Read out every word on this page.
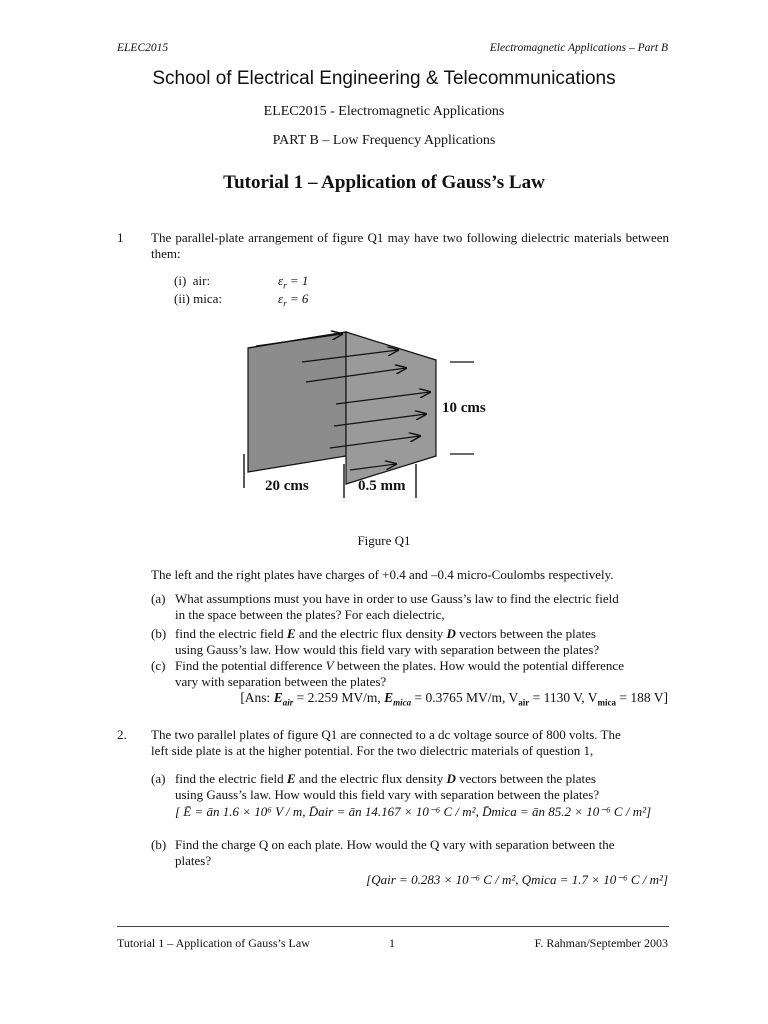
ELEC2015	Electromagnetic Applications – Part B
School of Electrical Engineering & Telecommunications
ELEC2015 - Electromagnetic Applications
PART B – Low Frequency Applications
Tutorial 1 – Application of Gauss’s Law
1 The parallel-plate arrangement of figure Q1 may have two following dielectric materials between them:
(i) air:	$\varepsilon_r = 1$
(ii) mica:	$\varepsilon_r = 6$
10 cms
20 cms	0.5 mm
Figure Q1
The left and the right plates have charges of +0.4 and –0.4 micro-Coulombs respectively.
(a) What assumptions must you have in order to use Gauss’s law to find the electric field
in the space between the plates? For each dielectric,
(b) find the electric field E and the electric flux density D vectors between the plates
using Gauss’s law. How would this field vary with separation between the plates?
(c) Find the potential difference V between the plates. How would the potential difference
vary with separation between the plates?
[Ans: $E_{air} = 2.259$ MV/m, $E_{mica} = 0.3765$ MV/m, $V_{air} = 1130$ V, $V_{mica} = 188$ V]
2. The two parallel plates of figure Q1 are connected to a dc voltage source of 800 volts. The
left side plate is at the higher potential. For the two dielectric materials of question 1,
(a) find the electric field E and the electric flux density D vectors between the plates
using Gauss’s law. How would this field vary with separation between the plates?
[ Ē = ān 1.6 × 10⁶ V / m, D̄air = ān 14.167 × 10⁻⁶ C / m², D̄mica = ān 85.2 × 10⁻⁶ C / m²]
(b) Find the charge Q on each plate. How would the Q vary with separation between the
plates?
[Qair = 0.283 × 10⁻⁶ C / m², Qmica = 1.7 × 10⁻⁶ C / m²]
Tutorial 1 – Application of Gauss’s Law	1	F. Rahman/September 2003
